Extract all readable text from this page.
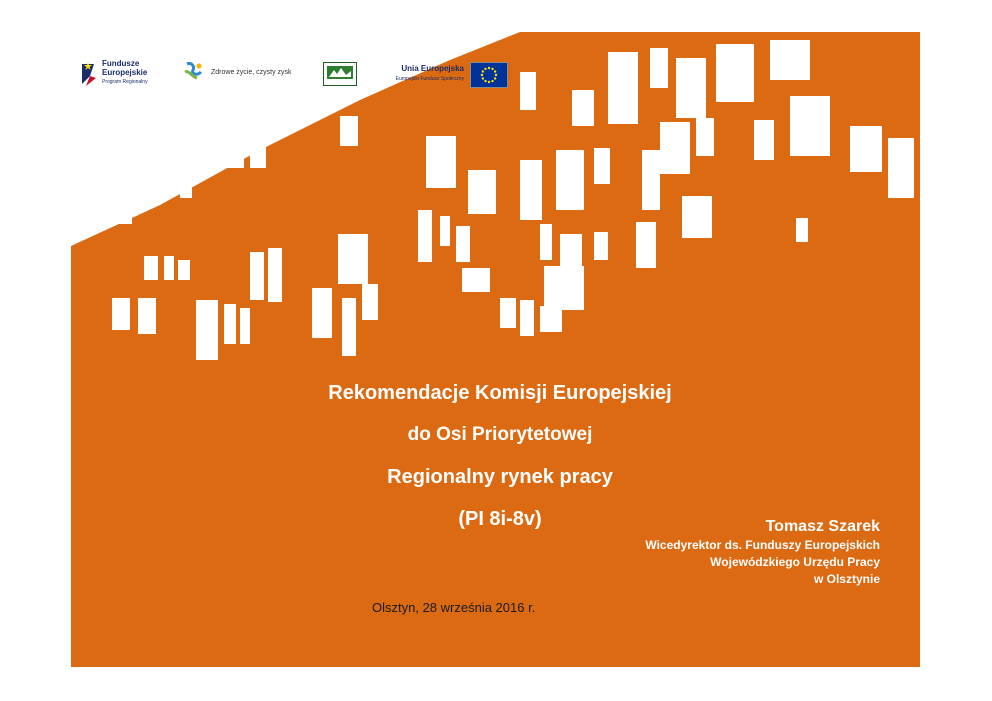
Fundusze
Europejskie
Program Regionalny
Zdrowe życie, czysty zysk	Unia Europejska
Europejski Fundusz Społeczny
Rekomendacje Komisji Europejskiej
do Osi Priorytetowej
Regionalny rynek pracy
(PI 8i-8v)	Tomasz Szarek
Wicedyrektor ds. Funduszy Europejskich
Wojewódzkiego Urzędu Pracy
w Olsztynie
Olsztyn, 28 września 2016 r.
